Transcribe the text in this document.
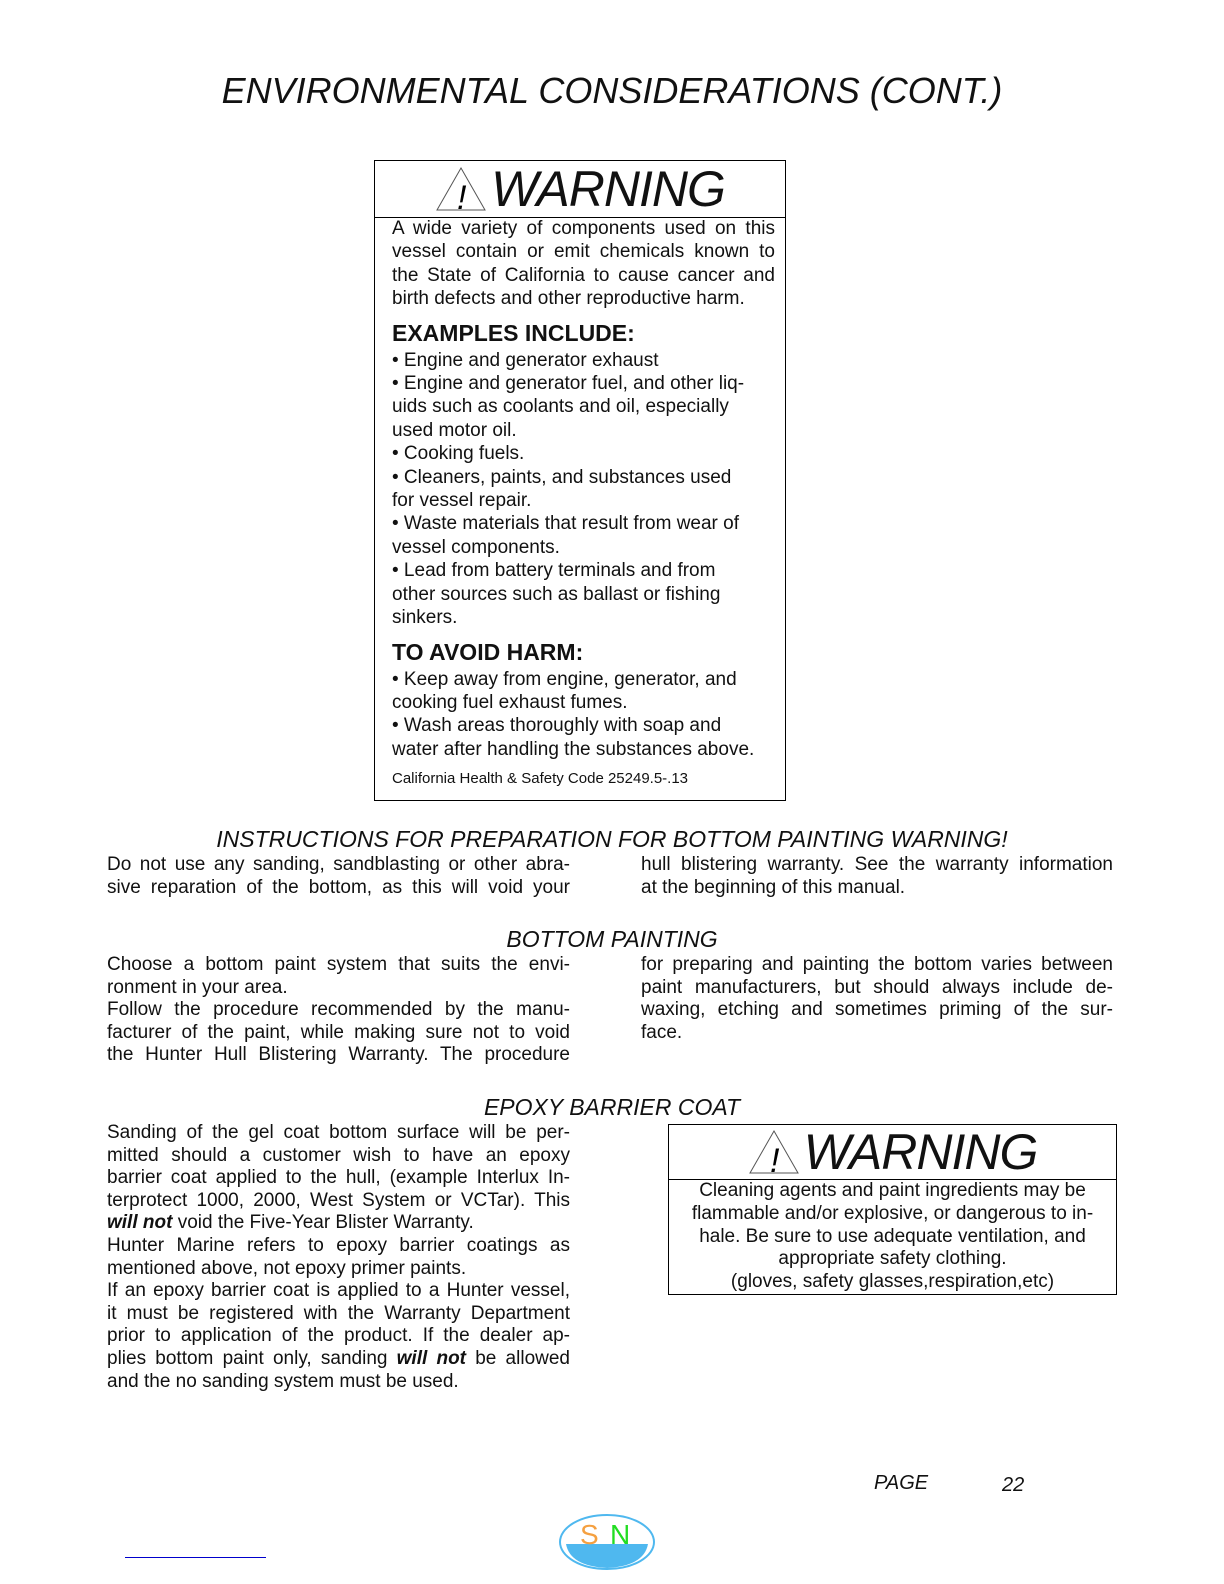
ENVIRONMENTAL CONSIDERATIONS (CONT.)
! WARNING
A wide variety of components used on this
vessel contain or emit chemicals known to
the State of California to cause cancer and
birth defects and other reproductive harm.
EXAMPLES INCLUDE:
• Engine and generator exhaust
• Engine and generator fuel, and other liq-
uids such as coolants and oil, especially
used motor oil.
• Cooking fuels.
• Cleaners, paints, and substances used
for vessel repair.
• Waste materials that result from wear of
vessel components.
• Lead from battery terminals and from
other sources such as ballast or fishing
sinkers.
TO AVOID HARM:
• Keep away from engine, generator, and
cooking fuel exhaust fumes.
• Wash areas thoroughly with soap and
water after handling the substances above.
California Health & Safety Code 25249.5-.13
INSTRUCTIONS FOR PREPARATION FOR BOTTOM PAINTING WARNING!
Do not use any sanding, sandblasting or other abra-
sive reparation of the bottom, as this will void your
hull blistering warranty. See the warranty information
at the beginning of this manual.
BOTTOM PAINTING
Choose a bottom paint system that suits the envi-
ronment in your area.
Follow the procedure recommended by the manu-
facturer of the paint, while making sure not to void
the Hunter Hull Blistering Warranty. The procedure
for preparing and painting the bottom varies between
paint manufacturers, but should always include de-
waxing, etching and sometimes priming of the sur-
face.
EPOXY BARRIER COAT
Sanding of the gel coat bottom surface will be per-
mitted should a customer wish to have an epoxy
barrier coat applied to the hull, (example Interlux In-
terprotect 1000, 2000, West System or VCTar). This
will not void the Five-Year Blister Warranty.
Hunter Marine refers to epoxy barrier coatings as
mentioned above, not epoxy primer paints.
If an epoxy barrier coat is applied to a Hunter vessel,
it must be registered with the Warranty Department
prior to application of the product. If the dealer ap-
plies bottom paint only, sanding will not be allowed
and the no sanding system must be used.
! WARNING
Cleaning agents and paint ingredients may be
flammable and/or explosive, or dangerous to in-
hale. Be sure to use adequate ventilation, and
appropriate safety clothing.
(gloves, safety glasses,respiration,etc)
PAGE	22
S N
